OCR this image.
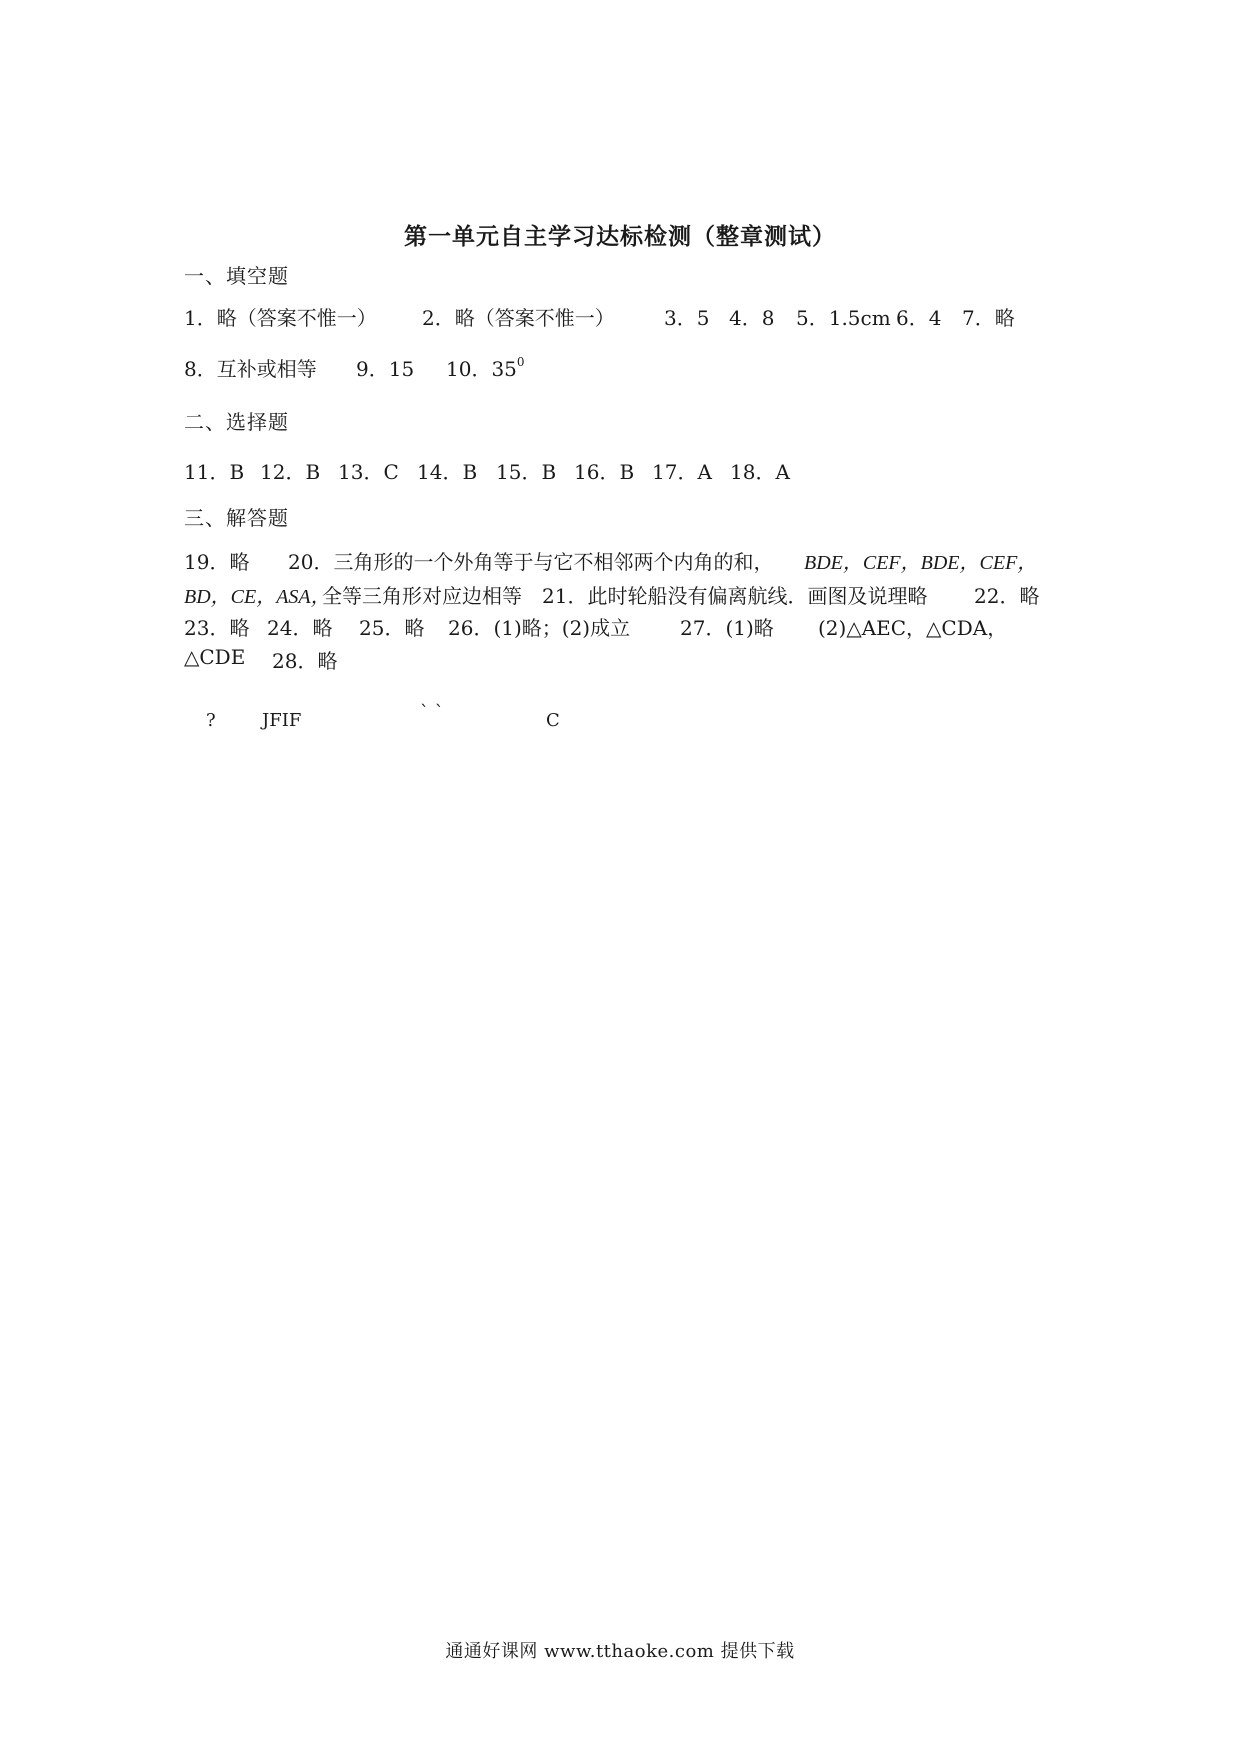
第一单元自主学习达标检测（整章测试）
一、填空题
1．略（答案不惟一） 2．略（答案不惟一） 3．5 4．8 5．1.5cm 6．4 7．略
8．互补或相等 9．15 10．$35^0$
二、选择题
11．B 12．B 13．C 14．B 15．B 16．B 17．A 18．A
三、解答题
19．略 20．三角形的一个外角等于与它不相邻两个内角的和， BDE，CEF，BDE，CEF，
BD，CE，ASA，
全等三角形对应边相等 21．此时轮船没有偏离航线．画图及说理略 22．略
23．略 24．略 25．略 26．(1)略；(2)成立 27．(1)略 (2)△AEC，△CDA，
△CDE 28．略
?	JFIF	` `	C
通通好课网 www.tthaoke.com 提供下载
